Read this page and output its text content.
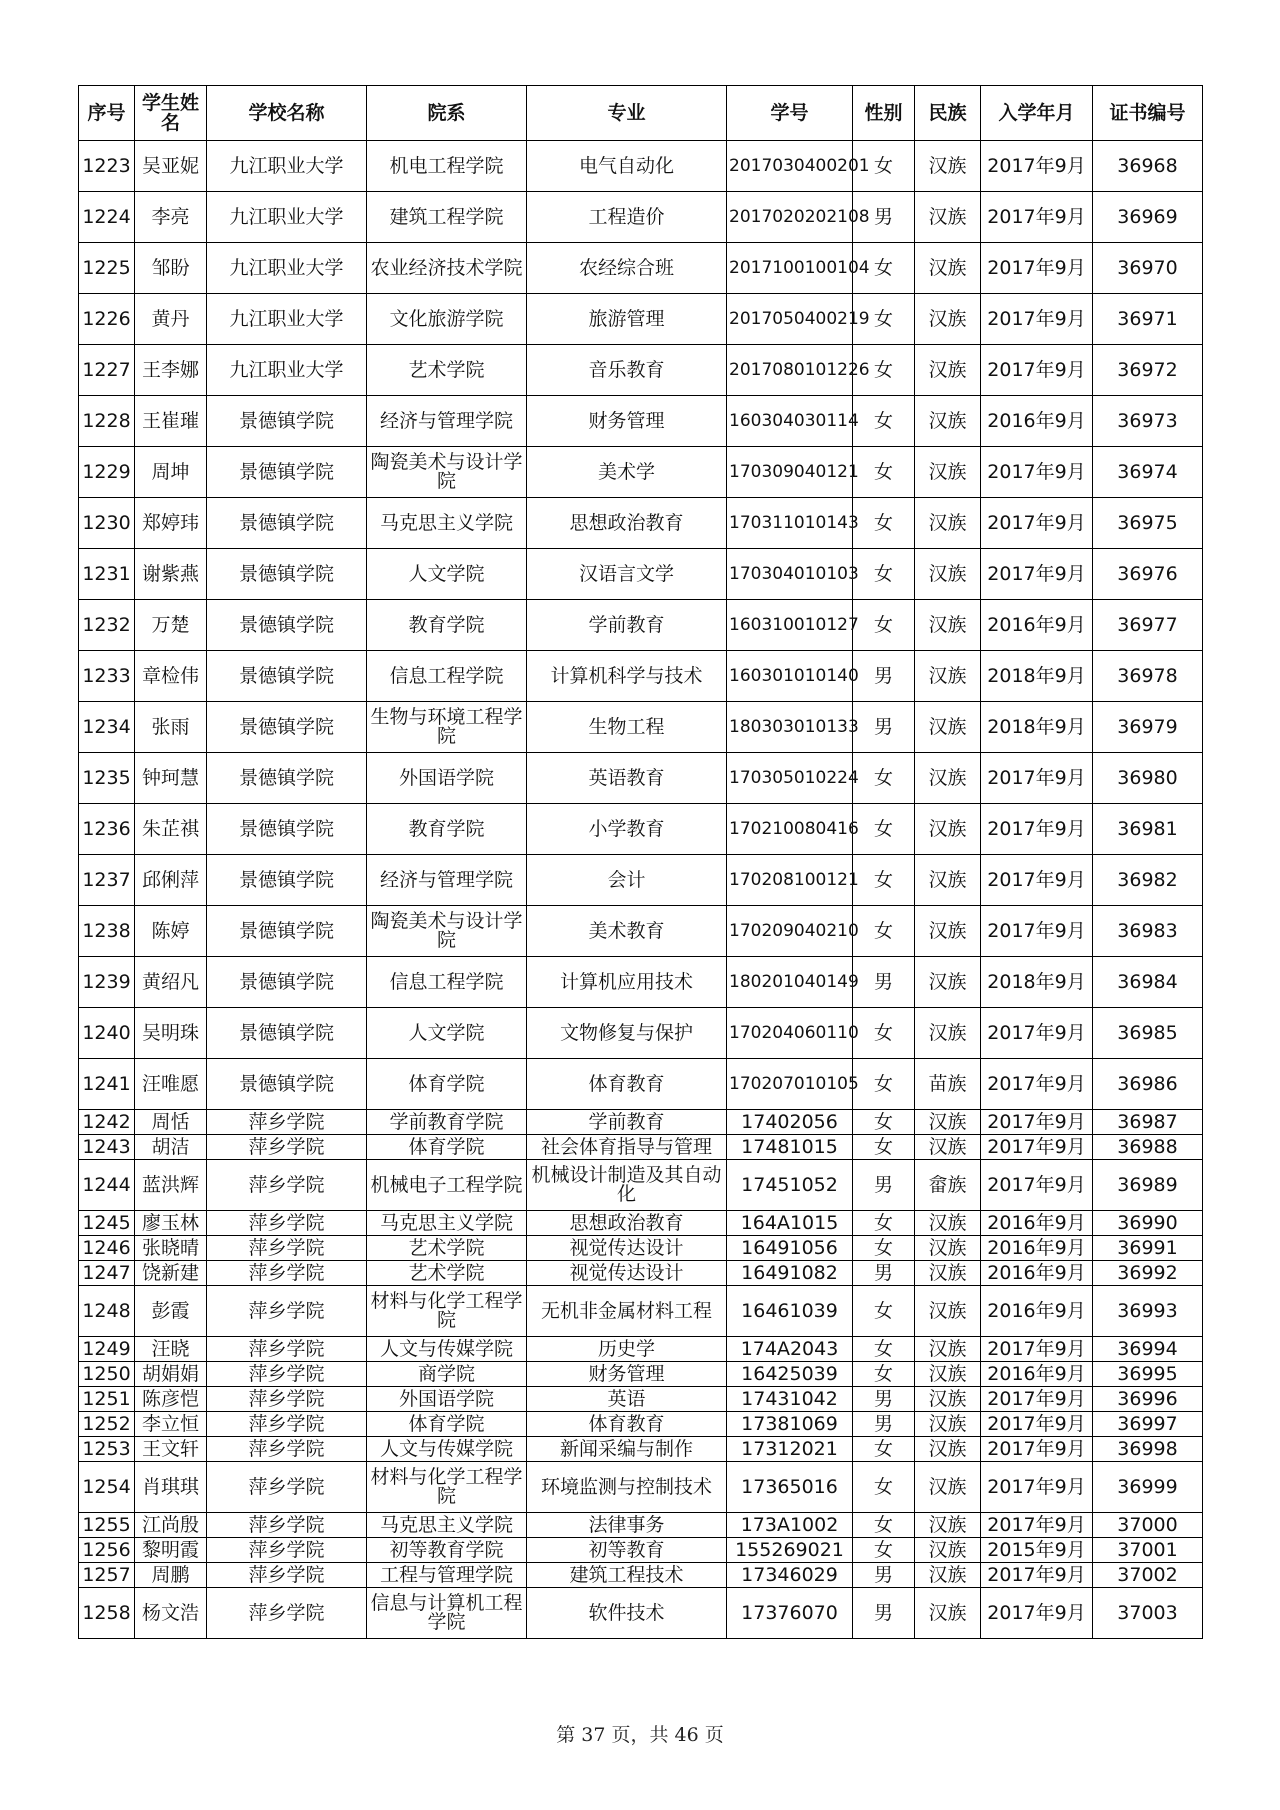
序号	学生姓名	学校名称	院系	专业	学号	性别	民族	入学年月	证书编号
1223	吴亚妮	九江职业大学	机电工程学院	电气自动化	2017030400201	女	汉族	2017年9月	36968
1224	李亮	九江职业大学	建筑工程学院	工程造价	2017020202108	男	汉族	2017年9月	36969
1225	邹盼	九江职业大学	农业经济技术学院	农经综合班	2017100100104	女	汉族	2017年9月	36970
1226	黄丹	九江职业大学	文化旅游学院	旅游管理	2017050400219	女	汉族	2017年9月	36971
1227	王李娜	九江职业大学	艺术学院	音乐教育	2017080101226	女	汉族	2017年9月	36972
1228	王崔璀	景德镇学院	经济与管理学院	财务管理	160304030114	女	汉族	2016年9月	36973
1229	周坤	景德镇学院	陶瓷美术与设计学院	美术学	170309040121	女	汉族	2017年9月	36974
1230	郑婷玮	景德镇学院	马克思主义学院	思想政治教育	170311010143	女	汉族	2017年9月	36975
1231	谢紫燕	景德镇学院	人文学院	汉语言文学	170304010103	女	汉族	2017年9月	36976
1232	万楚	景德镇学院	教育学院	学前教育	160310010127	女	汉族	2016年9月	36977
1233	章检伟	景德镇学院	信息工程学院	计算机科学与技术	160301010140	男	汉族	2018年9月	36978
1234	张雨	景德镇学院	生物与环境工程学院	生物工程	180303010133	男	汉族	2018年9月	36979
1235	钟珂慧	景德镇学院	外国语学院	英语教育	170305010224	女	汉族	2017年9月	36980
1236	朱芷祺	景德镇学院	教育学院	小学教育	170210080416	女	汉族	2017年9月	36981
1237	邱俐萍	景德镇学院	经济与管理学院	会计	170208100121	女	汉族	2017年9月	36982
1238	陈婷	景德镇学院	陶瓷美术与设计学院	美术教育	170209040210	女	汉族	2017年9月	36983
1239	黄绍凡	景德镇学院	信息工程学院	计算机应用技术	180201040149	男	汉族	2018年9月	36984
1240	吴明珠	景德镇学院	人文学院	文物修复与保护	170204060110	女	汉族	2017年9月	36985
1241	汪唯愿	景德镇学院	体育学院	体育教育	170207010105	女	苗族	2017年9月	36986
1242	周恬	萍乡学院	学前教育学院	学前教育	17402056	女	汉族	2017年9月	36987
1243	胡洁	萍乡学院	体育学院	社会体育指导与管理	17481015	女	汉族	2017年9月	36988
1244	蓝洪辉	萍乡学院	机械电子工程学院	机械设计制造及其自动化	17451052	男	畲族	2017年9月	36989
1245	廖玉林	萍乡学院	马克思主义学院	思想政治教育	164A1015	女	汉族	2016年9月	36990
1246	张晓晴	萍乡学院	艺术学院	视觉传达设计	16491056	女	汉族	2016年9月	36991
1247	饶新建	萍乡学院	艺术学院	视觉传达设计	16491082	男	汉族	2016年9月	36992
1248	彭霞	萍乡学院	材料与化学工程学院	无机非金属材料工程	16461039	女	汉族	2016年9月	36993
1249	汪晓	萍乡学院	人文与传媒学院	历史学	174A2043	女	汉族	2017年9月	36994
1250	胡娟娟	萍乡学院	商学院	财务管理	16425039	女	汉族	2016年9月	36995
1251	陈彦恺	萍乡学院	外国语学院	英语	17431042	男	汉族	2017年9月	36996
1252	李立恒	萍乡学院	体育学院	体育教育	17381069	男	汉族	2017年9月	36997
1253	王文轩	萍乡学院	人文与传媒学院	新闻采编与制作	17312021	女	汉族	2017年9月	36998
1254	肖琪琪	萍乡学院	材料与化学工程学院	环境监测与控制技术	17365016	女	汉族	2017年9月	36999
1255	江尚殷	萍乡学院	马克思主义学院	法律事务	173A1002	女	汉族	2017年9月	37000
1256	黎明霞	萍乡学院	初等教育学院	初等教育	155269021	女	汉族	2015年9月	37001
1257	周鹏	萍乡学院	工程与管理学院	建筑工程技术	17346029	男	汉族	2017年9月	37002
1258	杨文浩	萍乡学院	信息与计算机工程学院	软件技术	17376070	男	汉族	2017年9月	37003
第 37 页，共 46 页
